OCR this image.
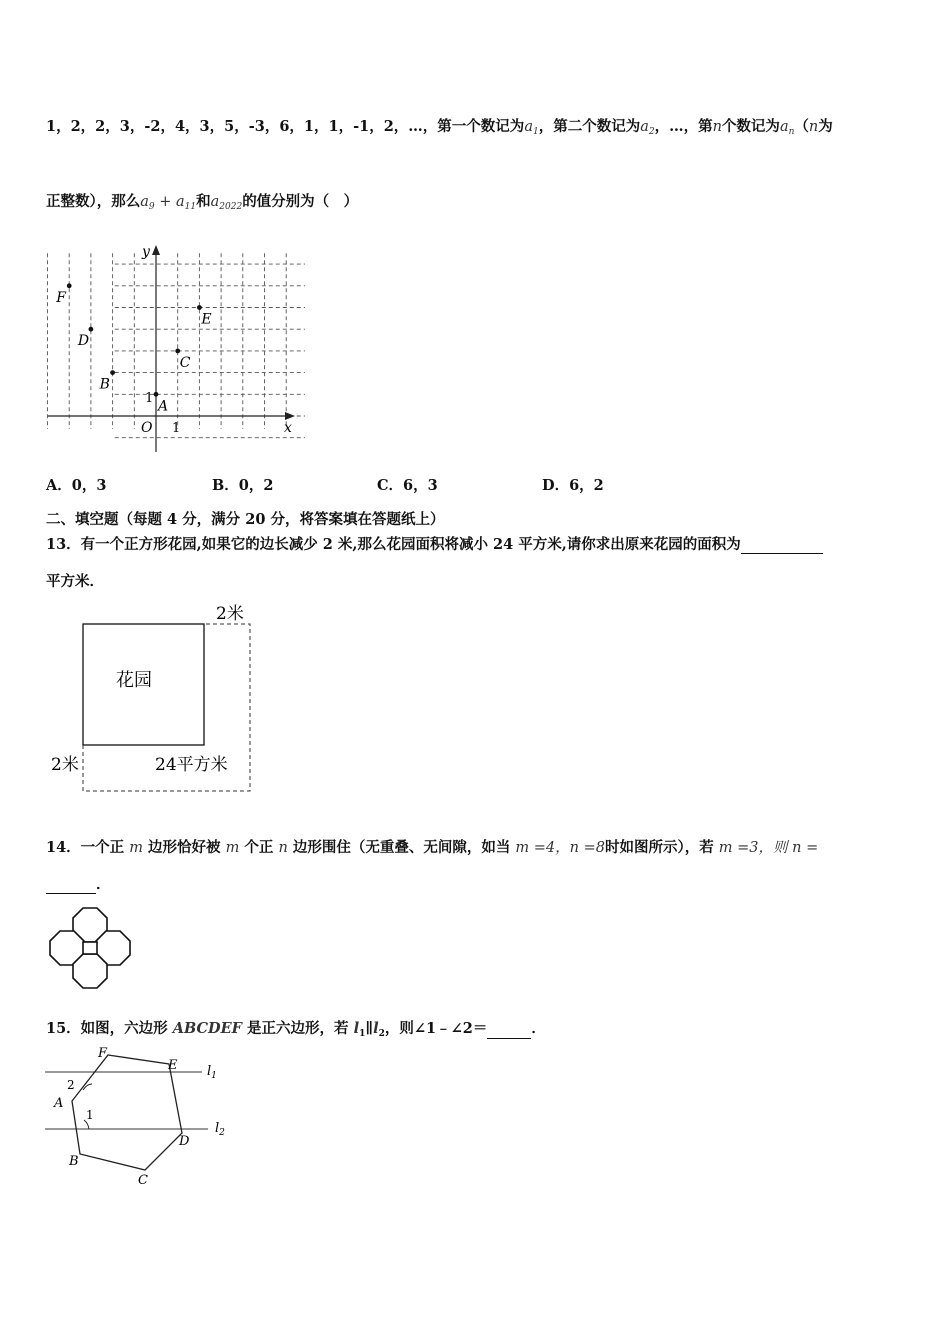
1，2，2，3，-2，4，3，5，-3，6，1，1，-1，2，…，第一个数记为$a_1$，第二个数记为$a_2$，…，第n个数记为$a_n(n$为
正整数），那么$a_9 + a_{11}$和$a_{2022}$的值分别为（　）
y
x
O 1
1
F
D
B
A
C
E
A．0，3	B．0，2	C．6，3	D．6，2
二、填空题（每题 4 分，满分 20 分，将答案填在答题纸上）
13．有一个正方形花园,如果它的边长减少 2 米,那么花园面积将减小 24 平方米,请你求出原来花园的面积为
平方米．
2米
2米
花园
24平方米
14．一个正 m 边形恰好被 m 个正 n 边形围住（无重叠、无间隙，如当 m =4，n =8时如图所示），若 m =3，则 n =
．
15．如图，六边形 ABCDEF 是正六边形，若 $l_1\parallel l_2$，则∠1﹣∠2＝	．
F
E
A
D
B
C
1
2
$l_1$
$l_2$
